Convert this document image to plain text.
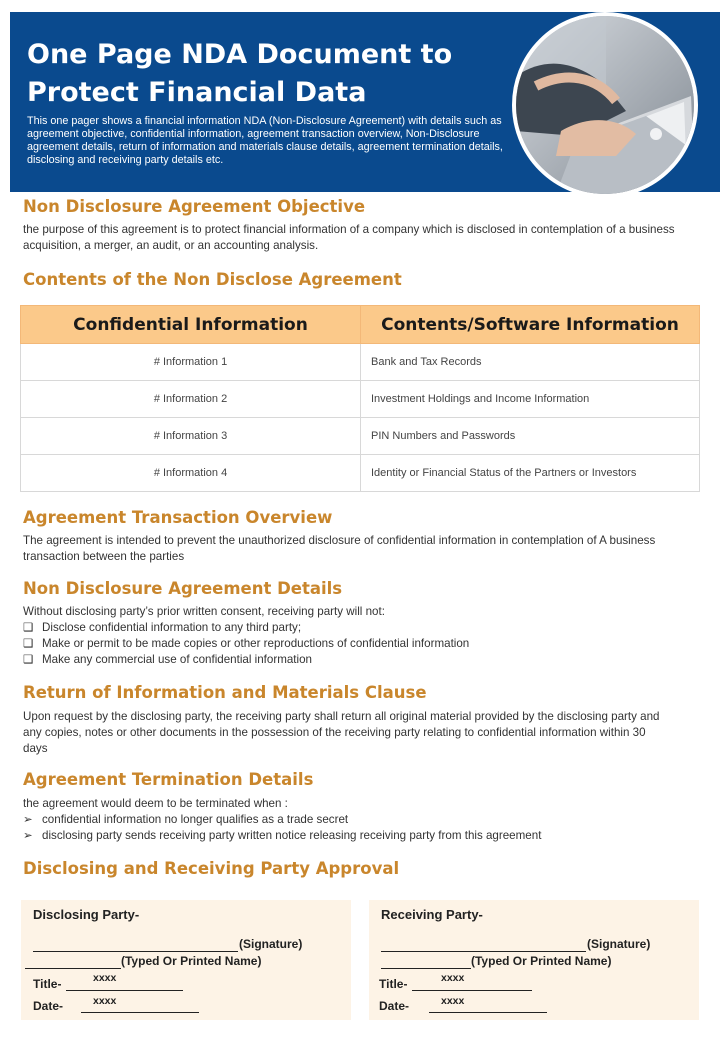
One Page NDA Document to Protect Financial Data
This one pager shows a financial information NDA (Non-Disclosure Agreement) with details such as agreement objective, confidential information, agreement transaction overview, Non-Disclosure agreement details, return of information and materials clause details, agreement termination details, disclosing and receiving party details etc.
Non Disclosure Agreement Objective
the purpose of this agreement is to protect financial information of a company which is disclosed in contemplation of a business acquisition, a merger, an audit, or an accounting analysis.
Contents of the Non Disclose Agreement
Confidential Information	Contents/Software Information
# Information 1	Bank and Tax Records
# Information 2	Investment Holdings and Income Information
# Information 3	PIN Numbers and Passwords
# Information 4	Identity or Financial Status of the Partners or Investors
Agreement Transaction Overview
The agreement is intended to prevent the unauthorized disclosure of confidential information in contemplation of A business transaction between the parties
Non Disclosure Agreement Details
Without disclosing party’s prior written consent, receiving party will not:
❑ Disclose confidential information to any third party;
❑ Make or permit to be made copies or other reproductions of confidential information
❑ Make any commercial use of confidential information
Return of Information and Materials Clause
Upon request by the disclosing party, the receiving party shall return all original material provided by the disclosing party and any copies, notes or other documents in the possession of the receiving party relating to confidential information within 30 days
Agreement Termination Details
the agreement would deem to be terminated when :
➢ confidential information no longer qualifies as a trade secret
➢ disclosing party sends receiving party written notice releasing receiving party from this agreement
Disclosing and Receiving Party Approval
Disclosing Party-
(Signature)
(Typed Or Printed Name)
Title-	xxxx
Date-	xxxx
Receiving Party-
(Signature)
(Typed Or Printed Name)
Title-	xxxx
Date-	xxxx
